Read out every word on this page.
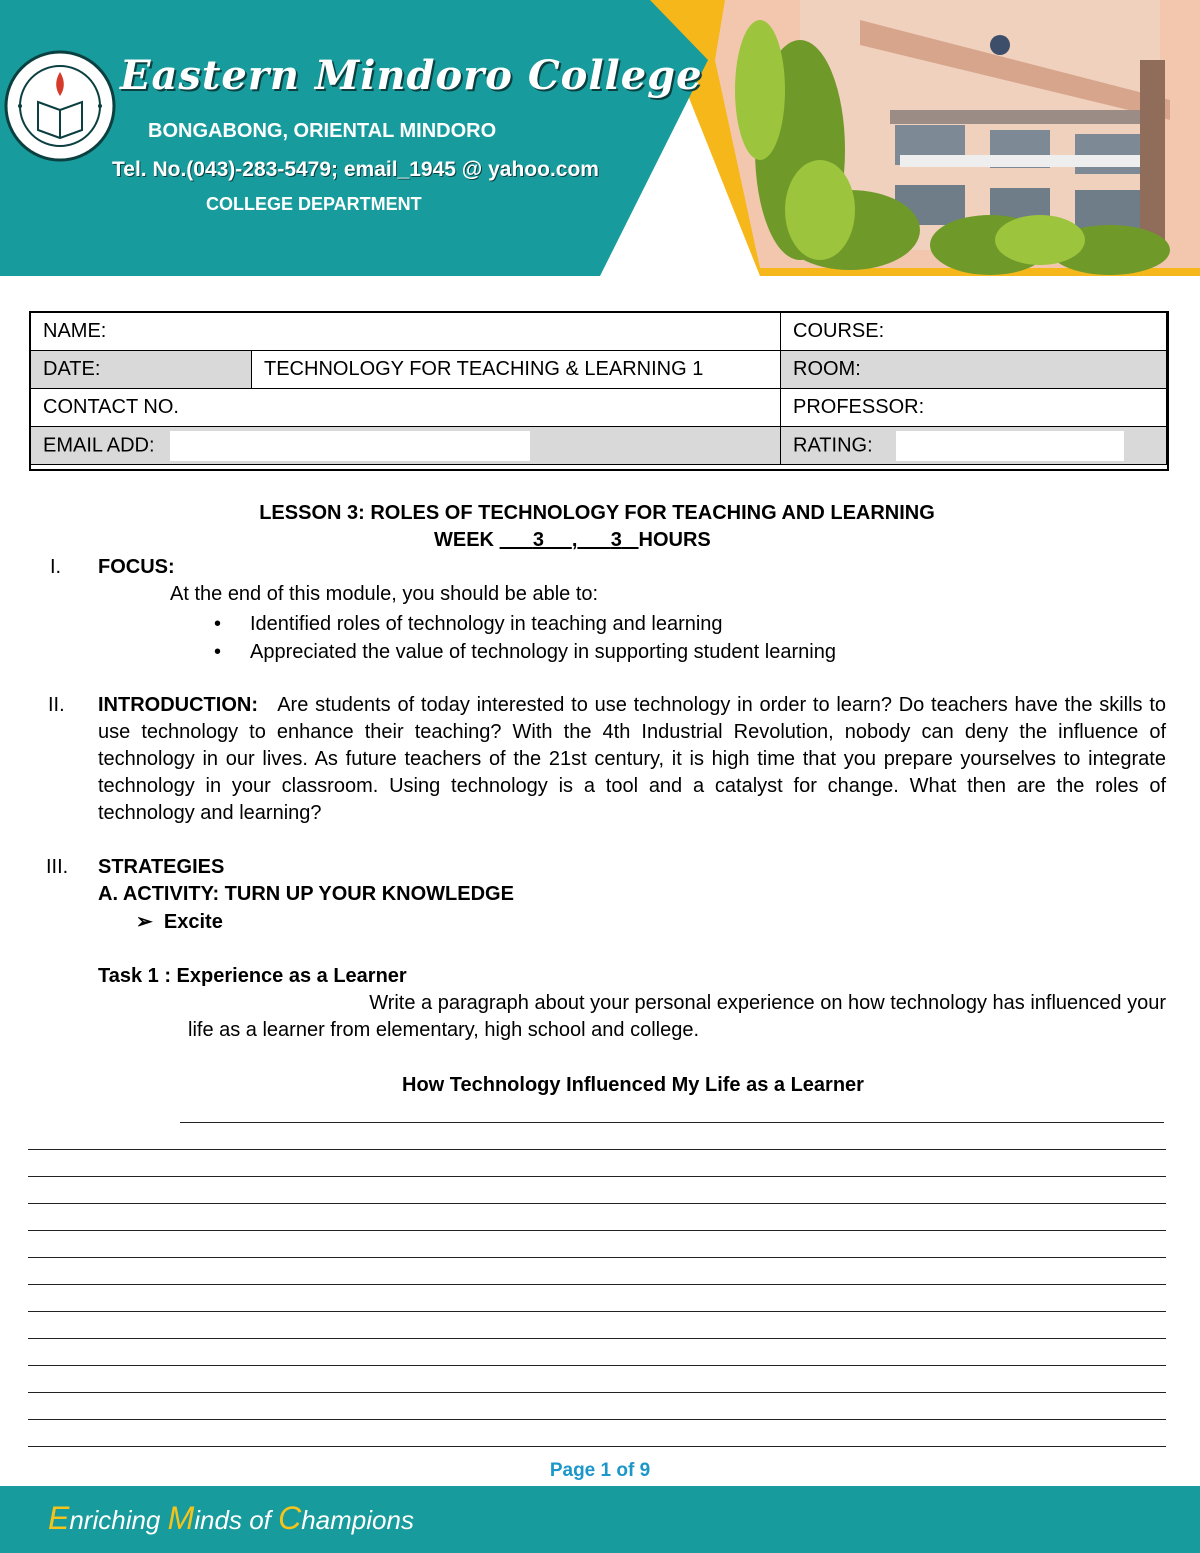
Eastern Mindoro College
BONGABONG, ORIENTAL MINDORO
Tel. No.(043)-283-5479; email_1945 @ yahoo.com
COLLEGE DEPARTMENT
NAME:		COURSE:
DATE:	TECHNOLOGY FOR TEACHING & LEARNING 1	ROOM:
CONTACT NO.		PROFESSOR:
EMAIL ADD:		RATING:
LESSON 3: ROLES OF TECHNOLOGY FOR TEACHING AND LEARNING
WEEK 3 , 3 HOURS
I. FOCUS:
At the end of this module, you should be able to:
• Identified roles of technology in teaching and learning
• Appreciated the value of technology in supporting student learning
II. INTRODUCTION: Are students of today interested to use technology in order to learn? Do teachers have the skills to use technology to enhance their teaching? With the 4th Industrial Revolution, nobody can deny the influence of technology in our lives. As future teachers of the 21st century, it is high time that you prepare yourselves to integrate technology in your classroom. Using technology is a tool and a catalyst for change. What then are the roles of technology and learning?
III. STRATEGIES
A. ACTIVITY: TURN UP YOUR KNOWLEDGE
➢ Excite
Task 1 : Experience as a Learner
Write a paragraph about your personal experience on how technology has influenced your
life as a learner from elementary, high school and college.
How Technology Influenced My Life as a Learner
Page 1 of 9
Enriching Minds of Champions
